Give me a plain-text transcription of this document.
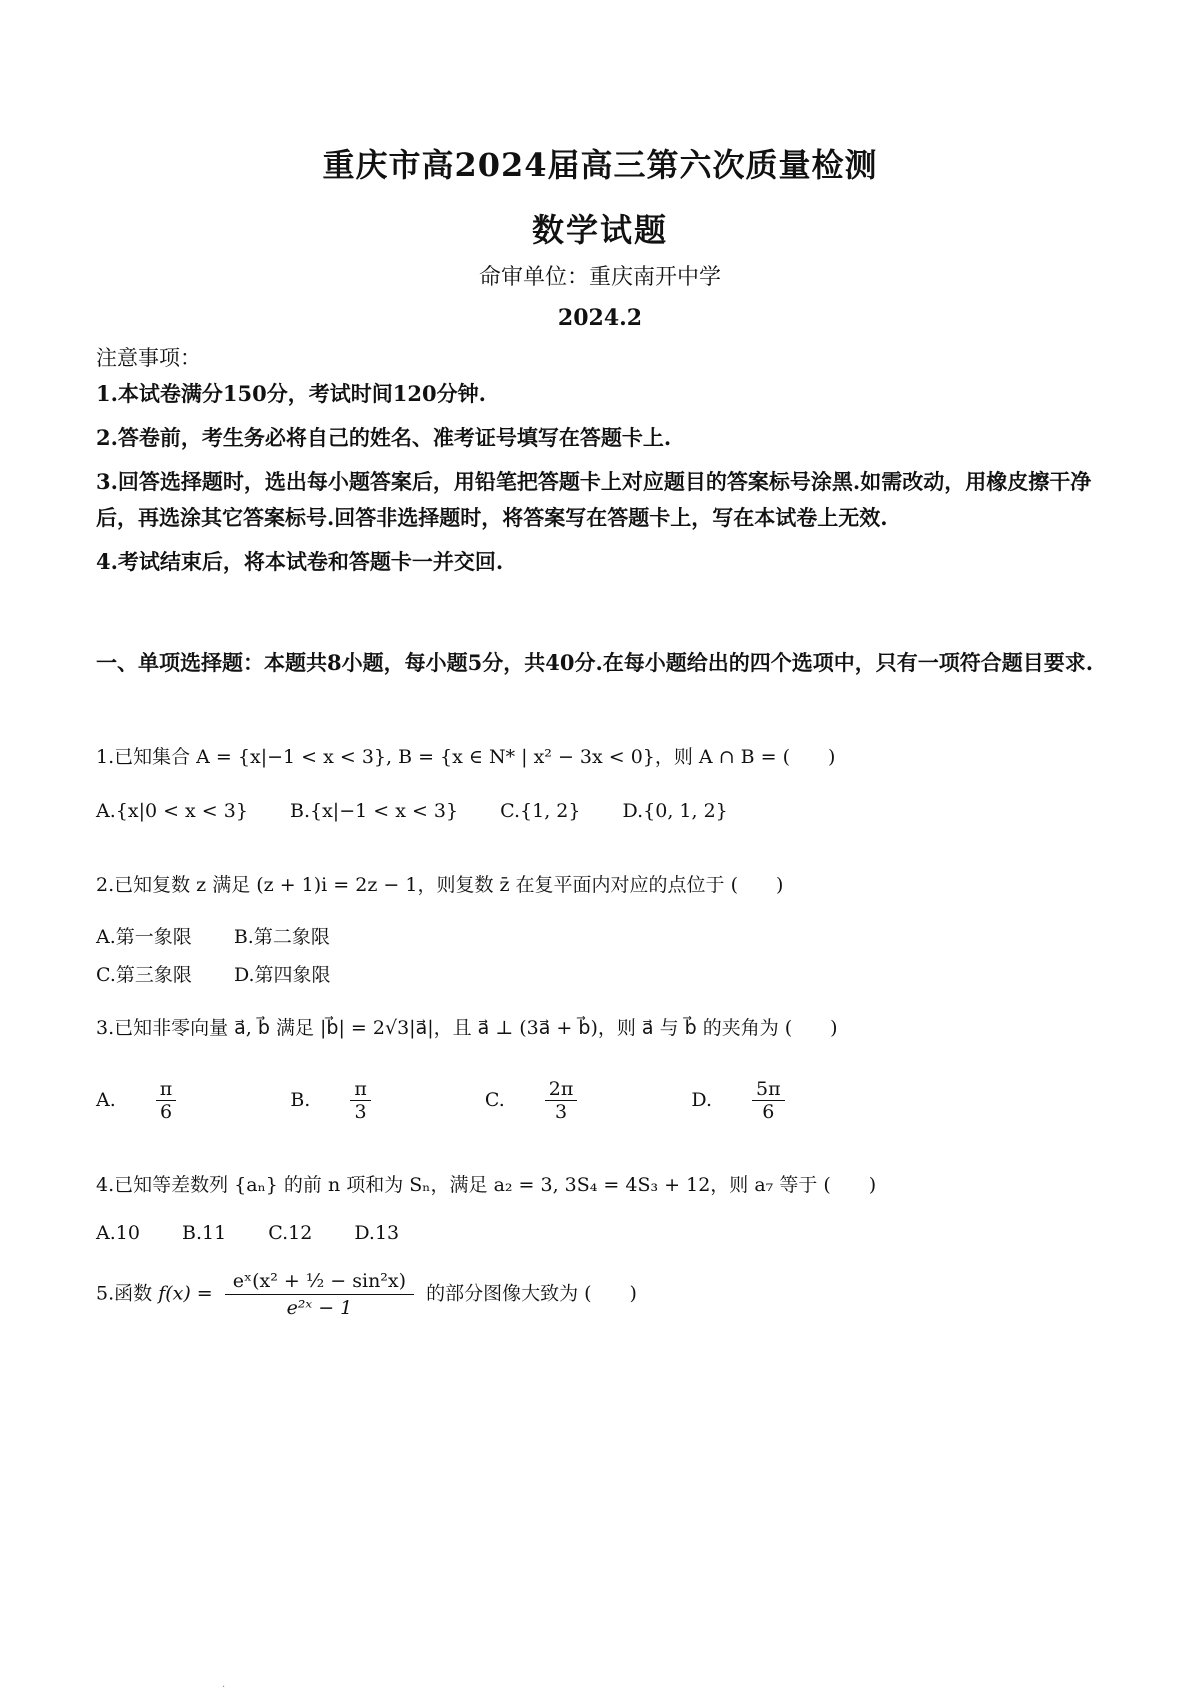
重庆市高2024届高三第六次质量检测
数学试题
命审单位：重庆南开中学
2024.2

注意事项：

1.本试卷满分150分，考试时间120分钟.

2.答卷前，考生务必将自己的姓名、准考证号填写在答题卡上.

3.回答选择题时，选出每小题答案后，用铅笔把答题卡上对应题目的答案标号涂黑.如需改动，用橡皮擦干净后，再选涂其它答案标号.回答非选择题时，将答案写在答题卡上，写在本试卷上无效.

4.考试结束后，将本试卷和答题卡一并交回.

一、单项选择题：本题共8小题，每小题5分，共40分.在每小题给出的四个选项中，只有一项符合题目要求.
1.已知集合 A = {x|−1 < x < 3}, B = {x ∈ N* | x² − 3x < 0}，则 A ∩ B = (　　)
A.{x|0 < x < 3} B.{x|−1 < x < 3} C.{1, 2} D.{0, 1, 2}
2.已知复数 z 满足 (z + 1)i = 2z − 1，则复数 z̄ 在复平面内对应的点位于 (　　)
A.第一象限 B.第二象限
C.第三象限 D.第四象限
3.已知非零向量 a⃗, b⃗ 满足 |b⃗| = 2√3|a⃗|，且 a⃗ ⊥ (3a⃗ + b⃗)，则 a⃗ 与 b⃗ 的夹角为 (　　)
A. $\frac{\pi}{6}$	B. $\frac{\pi}{3}$	C. $\frac{2\pi}{3}$	D. $\frac{5\pi}{6}$
4.已知等差数列 {aₙ} 的前 n 项和为 Sₙ，满足 a₂ = 3, 3S₄ = 4S₃ + 12，则 a₇ 等于 (　　)
A.10 B.11 C.12 D.13
5.函数 $f(x) = \frac{\text{eˣ(x² + ½ − sin²x)}}{\text{e²ˣ − 1}}$ 的部分图像大致为 (　　)
·
